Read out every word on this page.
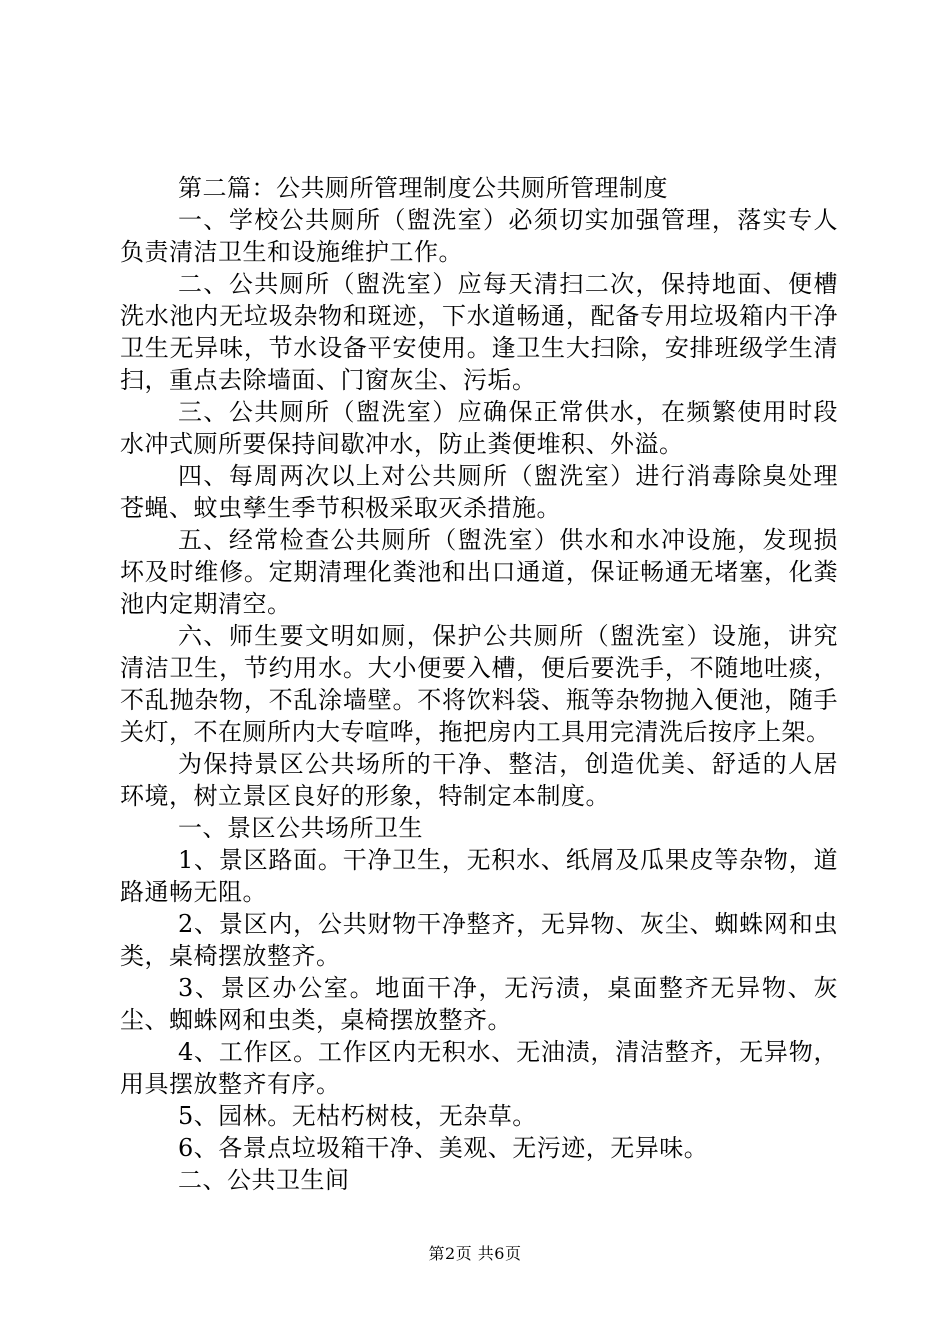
第二篇：公共厕所管理制度公共厕所管理制度

一、学校公共厕所（盥洗室）必须切实加强管理，落实专人负责清洁卫生和设施维护工作。

二、公共厕所（盥洗室）应每天清扫二次，保持地面、便槽洗水池内无垃圾杂物和斑迹，下水道畅通，配备专用垃圾箱内干净卫生无异味，节水设备平安使用。逢卫生大扫除，安排班级学生清扫，重点去除墙面、门窗灰尘、污垢。

三、公共厕所（盥洗室）应确保正常供水，在频繁使用时段水冲式厕所要保持间歇冲水，防止粪便堆积、外溢。

四、每周两次以上对公共厕所（盥洗室）进行消毒除臭处理苍蝇、蚊虫孳生季节积极采取灭杀措施。

五、经常检查公共厕所（盥洗室）供水和水冲设施，发现损坏及时维修。定期清理化粪池和出口通道，保证畅通无堵塞，化粪池内定期清空。

六、师生要文明如厕，保护公共厕所（盥洗室）设施，讲究清洁卫生，节约用水。大小便要入槽，便后要洗手，不随地吐痰，不乱抛杂物，不乱涂墙壁。不将饮料袋、瓶等杂物抛入便池，随手关灯，不在厕所内大专喧哗，拖把房内工具用完清洗后按序上架。

为保持景区公共场所的干净、整洁，创造优美、舒适的人居环境，树立景区良好的形象，特制定本制度。

一、景区公共场所卫生

1、景区路面。干净卫生，无积水、纸屑及瓜果皮等杂物，道路通畅无阻。

2、景区内，公共财物干净整齐，无异物、灰尘、蜘蛛网和虫类，桌椅摆放整齐。

3、景区办公室。地面干净，无污渍，桌面整齐无异物、灰尘、蜘蛛网和虫类，桌椅摆放整齐。

4、工作区。工作区内无积水、无油渍，清洁整齐，无异物，用具摆放整齐有序。

5、园林。无枯朽树枝，无杂草。

6、各景点垃圾箱干净、美观、无污迹，无异味。

二、公共卫生间

第2页 共6页
